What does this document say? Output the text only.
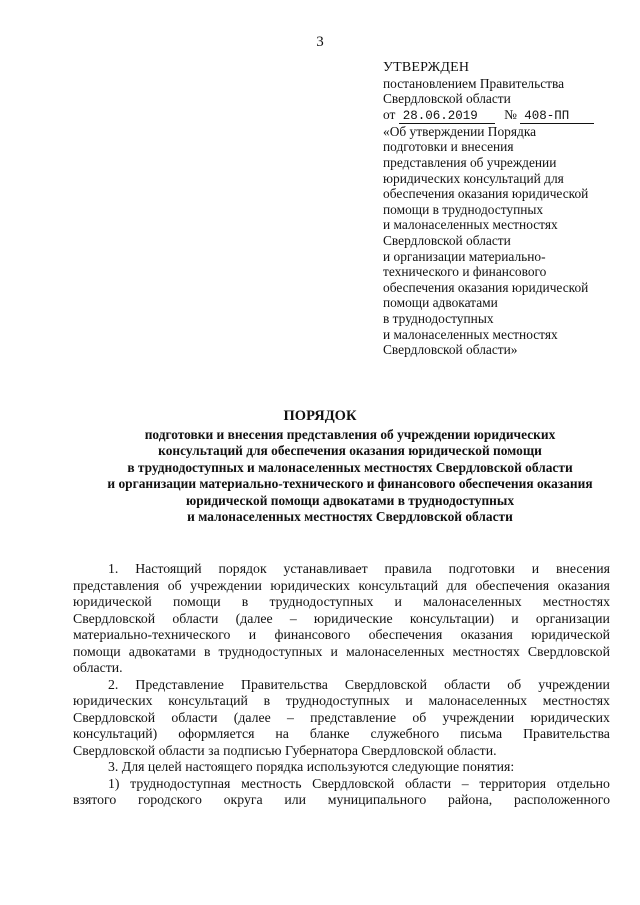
3
УТВЕРЖДЕН
постановлением Правительства
Свердловской области
от 28.06.2019 № 408-ПП
«Об утверждении Порядка
подготовки и внесения
представления об учреждении
юридических консультаций для
обеспечения оказания юридической
помощи в труднодоступных
и малонаселенных местностях
Свердловской области
и организации материально-
технического и финансового
обеспечения оказания юридической
помощи адвокатами
в труднодоступных
и малонаселенных местностях
Свердловской области»
ПОРЯДОК
подготовки и внесения представления об учреждении юридических
консультаций для обеспечения оказания юридической помощи
в труднодоступных и малонаселенных местностях Свердловской области
и организации материально-технического и финансового обеспечения оказания
юридической помощи адвокатами в труднодоступных
и малонаселенных местностях Свердловской области
1. Настоящий порядок устанавливает правила подготовки и внесения
представления об учреждении юридических консультаций для обеспечения оказания
юридической помощи в труднодоступных и малонаселенных местностях
Свердловской области (далее – юридические консультации) и организации
материально-технического и финансового обеспечения оказания юридической
помощи адвокатами в труднодоступных и малонаселенных местностях Свердловской
области.
2. Представление Правительства Свердловской области об учреждении
юридических консультаций в труднодоступных и малонаселенных местностях
Свердловской области (далее – представление об учреждении юридических
консультаций) оформляется на бланке служебного письма Правительства
Свердловской области за подписью Губернатора Свердловской области.
3. Для целей настоящего порядка используются следующие понятия:
1) труднодоступная местность Свердловской области – территория отдельно
взятого городского округа или муниципального района, расположенного
